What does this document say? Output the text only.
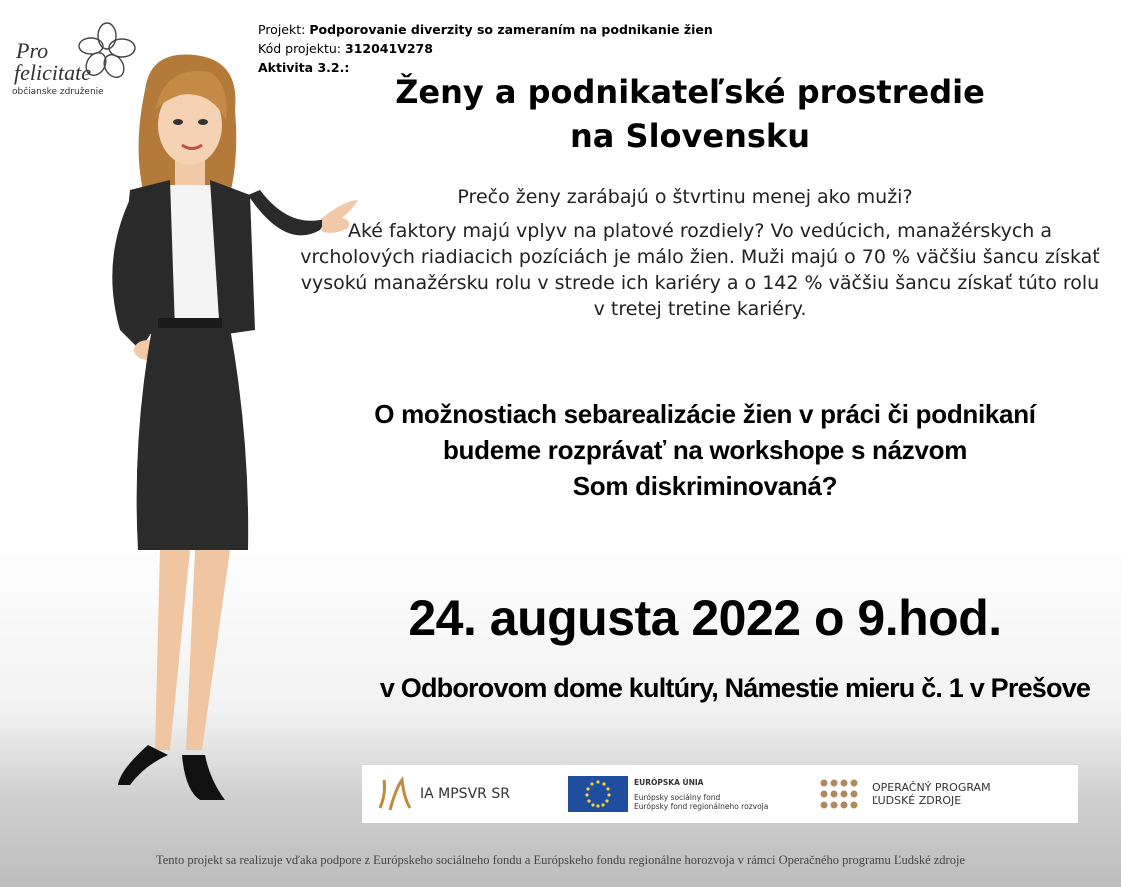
Pro
felicitate
občianske združenie
Projekt: Podporovanie diverzity so zameraním na podnikanie žien
Kód projektu: 312041V278
Aktivita 3.2.:
Ženy a podnikateľské prostredie
na Slovensku
Prečo ženy zarábajú o štvrtinu menej ako muži?
Aké faktory majú vplyv na platové rozdiely? Vo vedúcich, manažérskych a vrcholových riadiacich pozíciách je málo žien. Muži majú o 70 % väčšiu šancu získať vysokú manažérsku rolu v strede ich kariéry a o 142 % väčšiu šancu získať túto rolu v tretej tretine kariéry.
O možnostiach sebarealizácie žien v práci či podnikaní
budeme rozprávať na workshope s názvom
Som diskriminovaná?
24. augusta 2022 o 9.hod.
v Odborovom dome kultúry, Námestie mieru č. 1 v Prešove
IA MPSVR SR
EURÓPSKA ÚNIA
Európsky sociálny fond
Európsky fond regionálneho rozvoja
OPERAČNÝ PROGRAM
ĽUDSKÉ ZDROJE
Tento projekt sa realizuje vďaka podpore z Európskeho sociálneho fondu a Európskeho fondu regionálne horozvoja v rámci Operačného programu Ľudské zdroje
